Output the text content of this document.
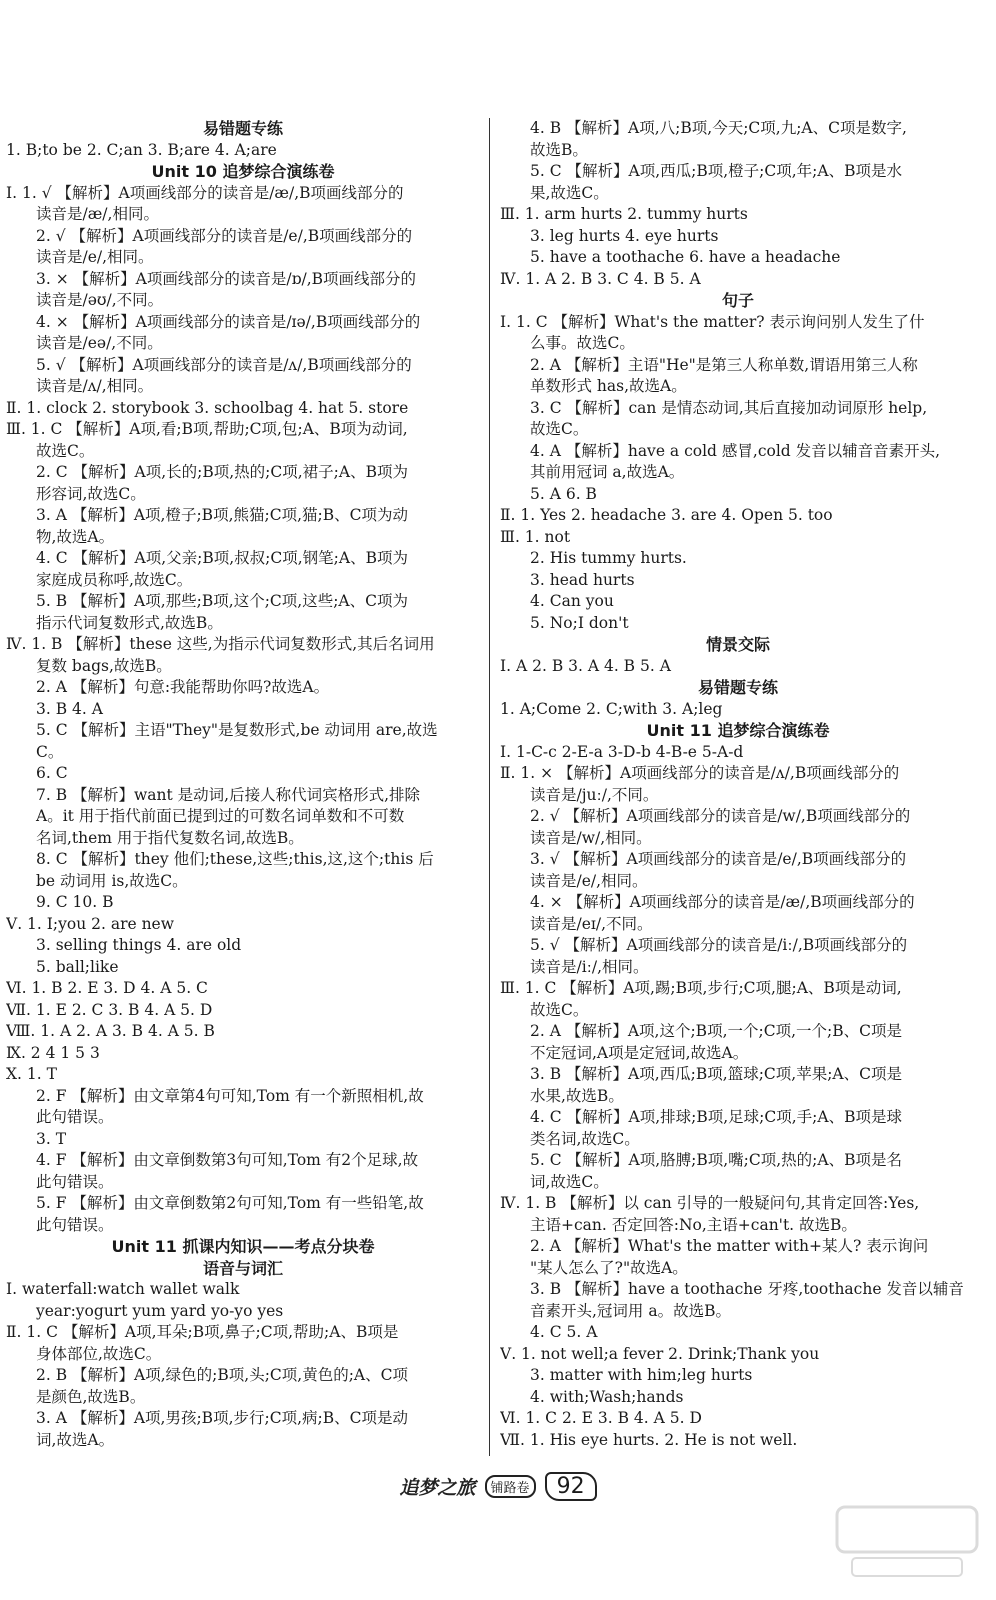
易错题专练
1. B;to be 2. C;an 3. B;are 4. A;are
Unit 10 追梦综合演练卷
Ⅰ. 1. √ 【解析】A项画线部分的读音是/æ/,B项画线部分的
读音是/æ/,相同。
2. √ 【解析】A项画线部分的读音是/e/,B项画线部分的
读音是/e/,相同。
3. × 【解析】A项画线部分的读音是/ɒ/,B项画线部分的
读音是/əʊ/,不同。
4. × 【解析】A项画线部分的读音是/ɪə/,B项画线部分的
读音是/eə/,不同。
5. √ 【解析】A项画线部分的读音是/ʌ/,B项画线部分的
读音是/ʌ/,相同。
Ⅱ. 1. clock 2. storybook 3. schoolbag 4. hat 5. store
Ⅲ. 1. C 【解析】A项,看;B项,帮助;C项,包;A、B项为动词,
故选C。
2. C 【解析】A项,长的;B项,热的;C项,裙子;A、B项为
形容词,故选C。
3. A 【解析】A项,橙子;B项,熊猫;C项,猫;B、C项为动
物,故选A。
4. C 【解析】A项,父亲;B项,叔叔;C项,钢笔;A、B项为
家庭成员称呼,故选C。
5. B 【解析】A项,那些;B项,这个;C项,这些;A、C项为
指示代词复数形式,故选B。
Ⅳ. 1. B 【解析】these 这些,为指示代词复数形式,其后名词用
复数 bags,故选B。
2. A 【解析】句意:我能帮助你吗?故选A。
3. B 4. A
5. C 【解析】主语"They"是复数形式,be 动词用 are,故选
C。
6. C
7. B 【解析】want 是动词,后接人称代词宾格形式,排除
A。it 用于指代前面已提到过的可数名词单数和不可数
名词,them 用于指代复数名词,故选B。
8. C 【解析】they 他们;these,这些;this,这,这个;this 后
be 动词用 is,故选C。
9. C 10. B
Ⅴ. 1. I;you 2. are new
3. selling things 4. are old
5. ball;like
Ⅵ. 1. B 2. E 3. D 4. A 5. C
Ⅶ. 1. E 2. C 3. B 4. A 5. D
Ⅷ. 1. A 2. A 3. B 4. A 5. B
Ⅸ. 2 4 1 5 3
Ⅹ. 1. T
2. F 【解析】由文章第4句可知,Tom 有一个新照相机,故
此句错误。
3. T
4. F 【解析】由文章倒数第3句可知,Tom 有2个足球,故
此句错误。
5. F 【解析】由文章倒数第2句可知,Tom 有一些铅笔,故
此句错误。
Unit 11 抓课内知识——考点分块卷
语音与词汇
Ⅰ. waterfall:watch wallet walk
year:yogurt yum yard yo-yo yes
Ⅱ. 1. C 【解析】A项,耳朵;B项,鼻子;C项,帮助;A、B项是
身体部位,故选C。
2. B 【解析】A项,绿色的;B项,头;C项,黄色的;A、C项
是颜色,故选B。
3. A 【解析】A项,男孩;B项,步行;C项,病;B、C项是动
词,故选A。
4. B 【解析】A项,八;B项,今天;C项,九;A、C项是数字,
故选B。
5. C 【解析】A项,西瓜;B项,橙子;C项,年;A、B项是水
果,故选C。
Ⅲ. 1. arm hurts 2. tummy hurts
3. leg hurts 4. eye hurts
5. have a toothache 6. have a headache
Ⅳ. 1. A 2. B 3. C 4. B 5. A
句子
Ⅰ. 1. C 【解析】What's the matter? 表示询问别人发生了什
么事。故选C。
2. A 【解析】主语"He"是第三人称单数,谓语用第三人称
单数形式 has,故选A。
3. C 【解析】can 是情态动词,其后直接加动词原形 help,
故选C。
4. A 【解析】have a cold 感冒,cold 发音以辅音音素开头,
其前用冠词 a,故选A。
5. A 6. B
Ⅱ. 1. Yes 2. headache 3. are 4. Open 5. too
Ⅲ. 1. not
2. His tummy hurts.
3. head hurts
4. Can you
5. No;I don't
情景交际
Ⅰ. A 2. B 3. A 4. B 5. A
易错题专练
1. A;Come 2. C;with 3. A;leg
Unit 11 追梦综合演练卷
Ⅰ. 1-C-c 2-E-a 3-D-b 4-B-e 5-A-d
Ⅱ. 1. × 【解析】A项画线部分的读音是/ʌ/,B项画线部分的
读音是/juː/,不同。
2. √ 【解析】A项画线部分的读音是/w/,B项画线部分的
读音是/w/,相同。
3. √ 【解析】A项画线部分的读音是/e/,B项画线部分的
读音是/e/,相同。
4. × 【解析】A项画线部分的读音是/æ/,B项画线部分的
读音是/eɪ/,不同。
5. √ 【解析】A项画线部分的读音是/iː/,B项画线部分的
读音是/iː/,相同。
Ⅲ. 1. C 【解析】A项,踢;B项,步行;C项,腿;A、B项是动词,
故选C。
2. A 【解析】A项,这个;B项,一个;C项,一个;B、C项是
不定冠词,A项是定冠词,故选A。
3. B 【解析】A项,西瓜;B项,篮球;C项,苹果;A、C项是
水果,故选B。
4. C 【解析】A项,排球;B项,足球;C项,手;A、B项是球
类名词,故选C。
5. C 【解析】A项,胳膊;B项,嘴;C项,热的;A、B项是名
词,故选C。
Ⅳ. 1. B 【解析】以 can 引导的一般疑问句,其肯定回答:Yes,
主语+can. 否定回答:No,主语+can't. 故选B。
2. A 【解析】What's the matter with+某人? 表示询问
"某人怎么了?"故选A。
3. B 【解析】have a toothache 牙疼,toothache 发音以辅音
音素开头,冠词用 a。故选B。
4. C 5. A
Ⅴ. 1. not well;a fever 2. Drink;Thank you
3. matter with him;leg hurts
4. with;Wash;hands
Ⅵ. 1. C 2. E 3. B 4. A 5. D
Ⅶ. 1. His eye hurts. 2. He is not well.
追梦之旅 铺路卷 92
